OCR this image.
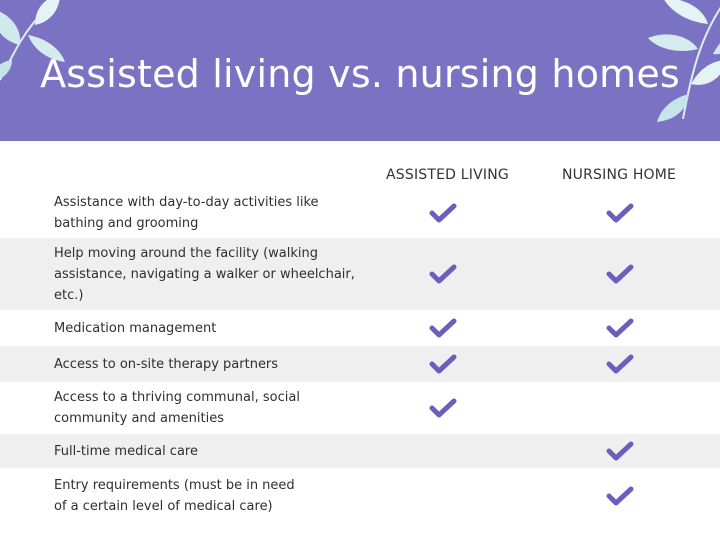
Assisted living vs. nursing homes
ASSISTED LIVING	NURSING HOME
Assistance with day-to-day activities like
bathing and grooming
Help moving around the facility (walking
assistance, navigating a walker or wheelchair,
etc.)
Medication management
Access to on-site therapy partners
Access to a thriving communal, social
community and amenities
Full-time medical care
Entry requirements (must be in need
of a certain level of medical care)
